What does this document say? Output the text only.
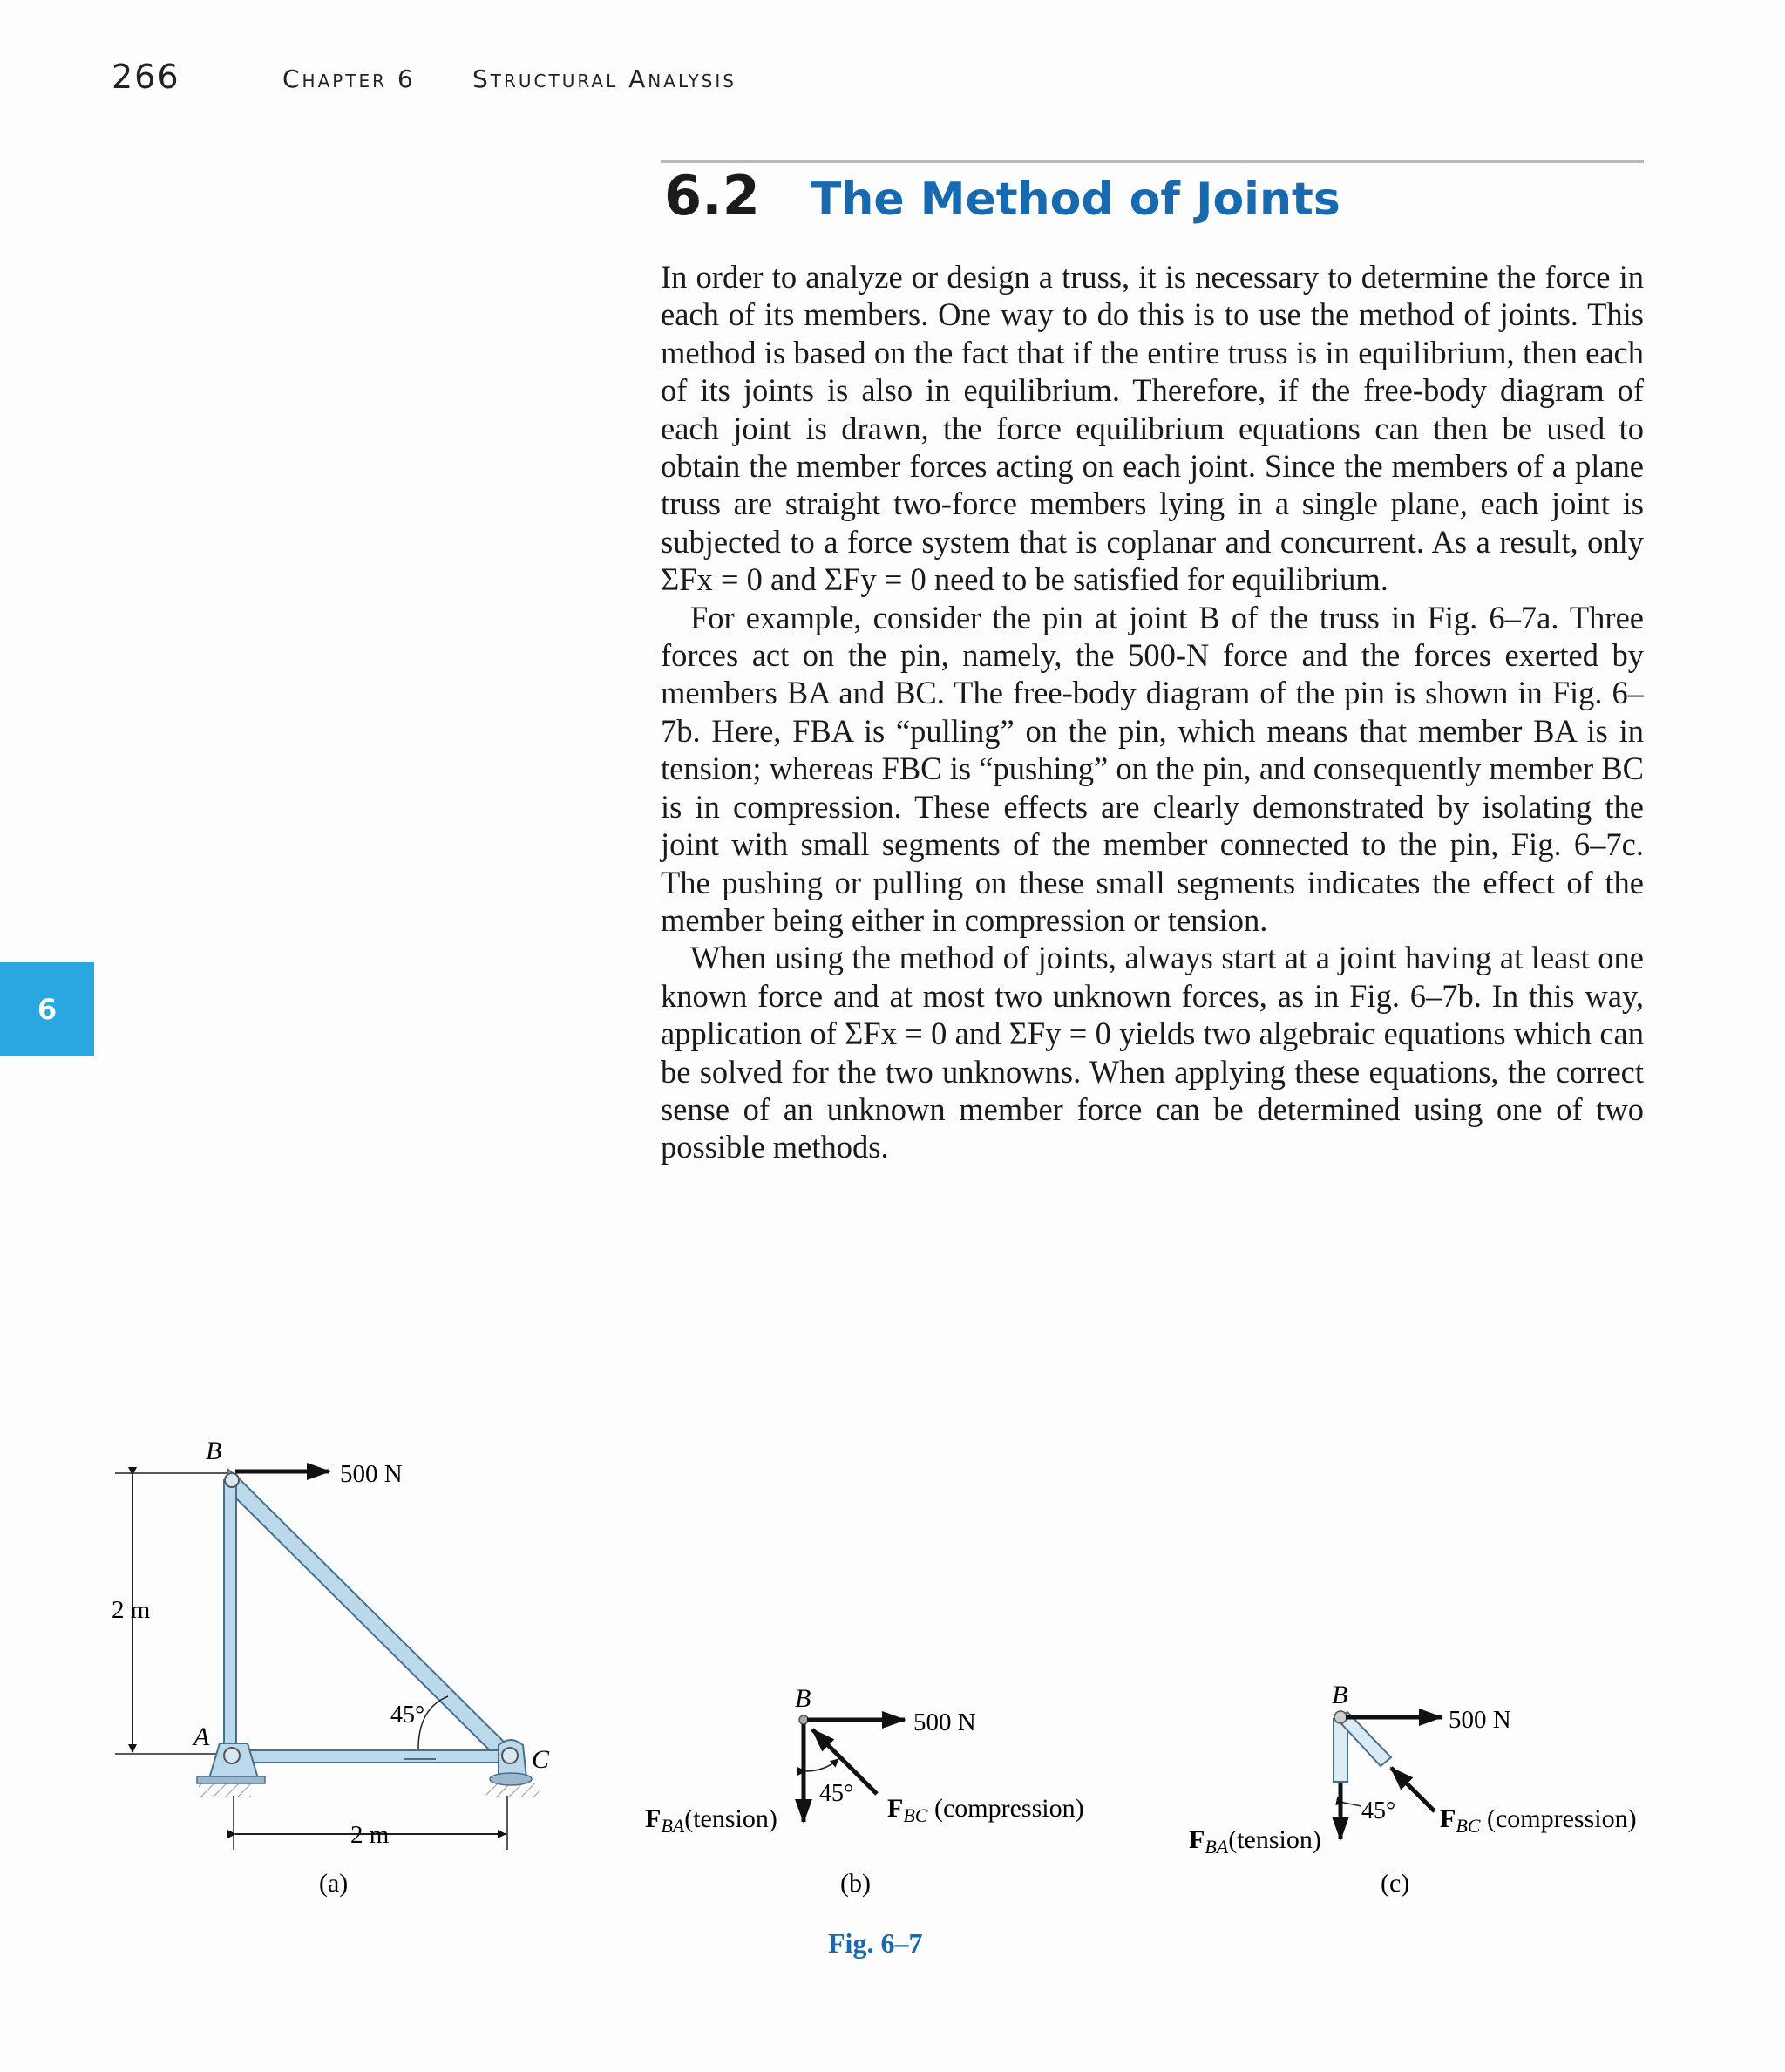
266	Chapter 6 Structural Analysis
6.2 The Method of Joints

In order to analyze or design a truss, it is necessary to determine the force in each of its members. One way to do this is to use the method of joints. This method is based on the fact that if the entire truss is in equilibrium, then each of its joints is also in equilibrium. Therefore, if the free-body diagram of each joint is drawn, the force equilibrium equations can then be used to obtain the member forces acting on each joint. Since the members of a plane truss are straight two-force members lying in a single plane, each joint is subjected to a force system that is coplanar and concurrent. As a result, only ΣFx = 0 and ΣFy = 0 need to be satisfied for equilibrium.

For example, consider the pin at joint B of the truss in Fig. 6–7a. Three forces act on the pin, namely, the 500-N force and the forces exerted by members BA and BC. The free-body diagram of the pin is shown in Fig. 6–7b. Here, FBA is “pulling” on the pin, which means that member BA is in tension; whereas FBC is “pushing” on the pin, and consequently member BC is in compression. These effects are clearly demonstrated by isolating the joint with small segments of the member connected to the pin, Fig. 6–7c. The pushing or pulling on these small segments indicates the effect of the member being either in compression or tension.

When using the method of joints, always start at a joint having at least one known force and at most two unknown forces, as in Fig. 6–7b. In this way, application of ΣFx = 0 and ΣFy = 0 yields two algebraic equations which can be solved for the two unknowns. When applying these equations, the correct sense of an unknown member force can be determined using one of two possible methods.

6
B
A
C
500 N
2 m
2 m
45°
(a)
B
500 N
45°
$F_{BA}(tension)$	$F_{BC}$ (compression)
(b)
B
500 N
45°
$F_{BA}(tension)$
$F_{BC}$ (compression)
(c)
Fig. 6–7
